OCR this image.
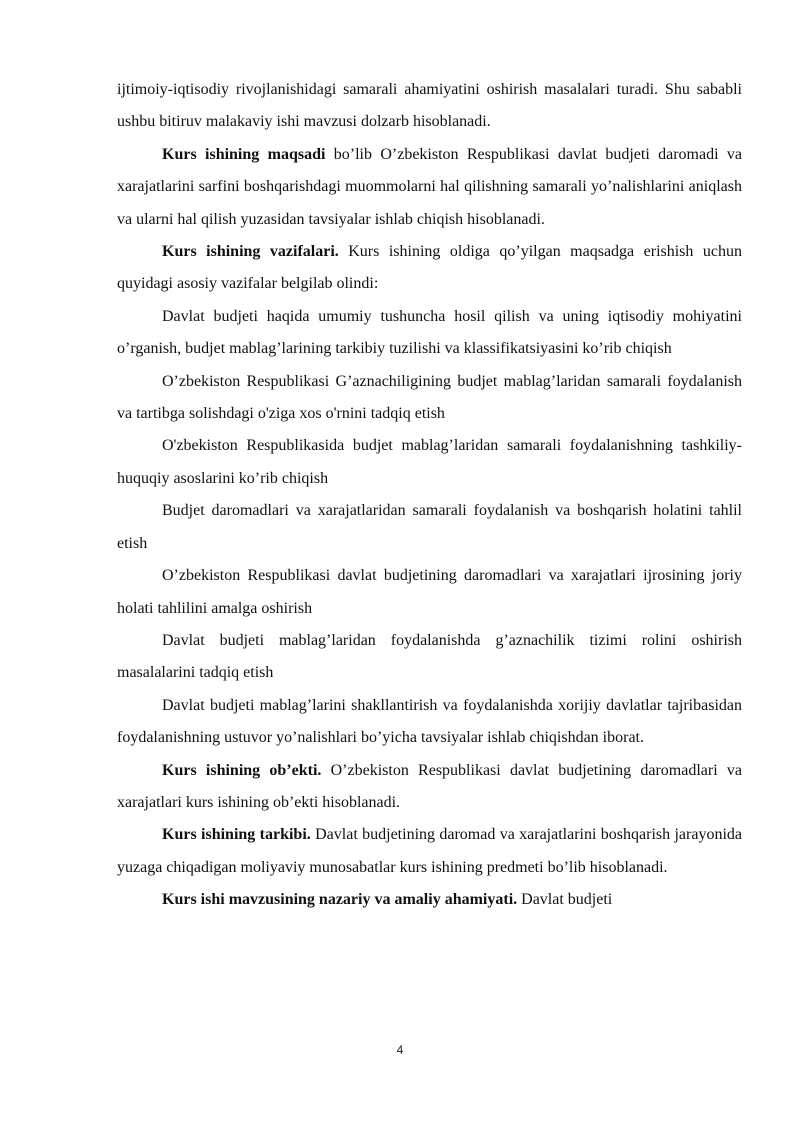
ijtimoiy-iqtisodiy rivojlanishidagi samarali ahamiyatini oshirish masalalari turadi. Shu sababli ushbu bitiruv malakaviy ishi mavzusi dolzarb hisoblanadi.

Kurs ishining maqsadi bo’lib O’zbekiston Respublikasi davlat budjeti daromadi va xarajatlarini sarfini boshqarishdagi muommolarni hal qilishning samarali yo’nalishlarini aniqlash va ularni hal qilish yuzasidan tavsiyalar ishlab chiqish hisoblanadi.

Kurs ishining vazifalari. Kurs ishining oldiga qo’yilgan maqsadga erishish uchun quyidagi asosiy vazifalar belgilab olindi:

Davlat budjeti haqida umumiy tushuncha hosil qilish va uning iqtisodiy mohiyatini o’rganish, budjet mablag’larining tarkibiy tuzilishi va klassifikatsiyasini ko’rib chiqish

O’zbekiston Respublikasi G’aznachiligining budjet mablag’laridan samarali foydalanish va tartibga solishdagi o'ziga xos o'rnini tadqiq etish

O'zbekiston Respublikasida budjet mablag’laridan samarali foydalanishning tashkiliy-huquqiy asoslarini ko’rib chiqish

Budjet daromadlari va xarajatlaridan samarali foydalanish va boshqarish holatini tahlil etish

O’zbekiston Respublikasi davlat budjetining daromadlari va xarajatlari ijrosining joriy holati tahlilini amalga oshirish

Davlat budjeti mablag’laridan foydalanishda g’aznachilik tizimi rolini oshirish masalalarini tadqiq etish

Davlat budjeti mablag’larini shakllantirish va foydalanishda xorijiy davlatlar tajribasidan foydalanishning ustuvor yo’nalishlari bo’yicha tavsiyalar ishlab chiqishdan iborat.

Kurs ishining ob’ekti. O’zbekiston Respublikasi davlat budjetining daromadlari va xarajatlari kurs ishining ob’ekti hisoblanadi.

Kurs ishining tarkibi. Davlat budjetining daromad va xarajatlarini boshqarish jarayonida yuzaga chiqadigan moliyaviy munosabatlar kurs ishining predmeti bo’lib hisoblanadi.

Kurs ishi mavzusining nazariy va amaliy ahamiyati. Davlat budjeti

4
